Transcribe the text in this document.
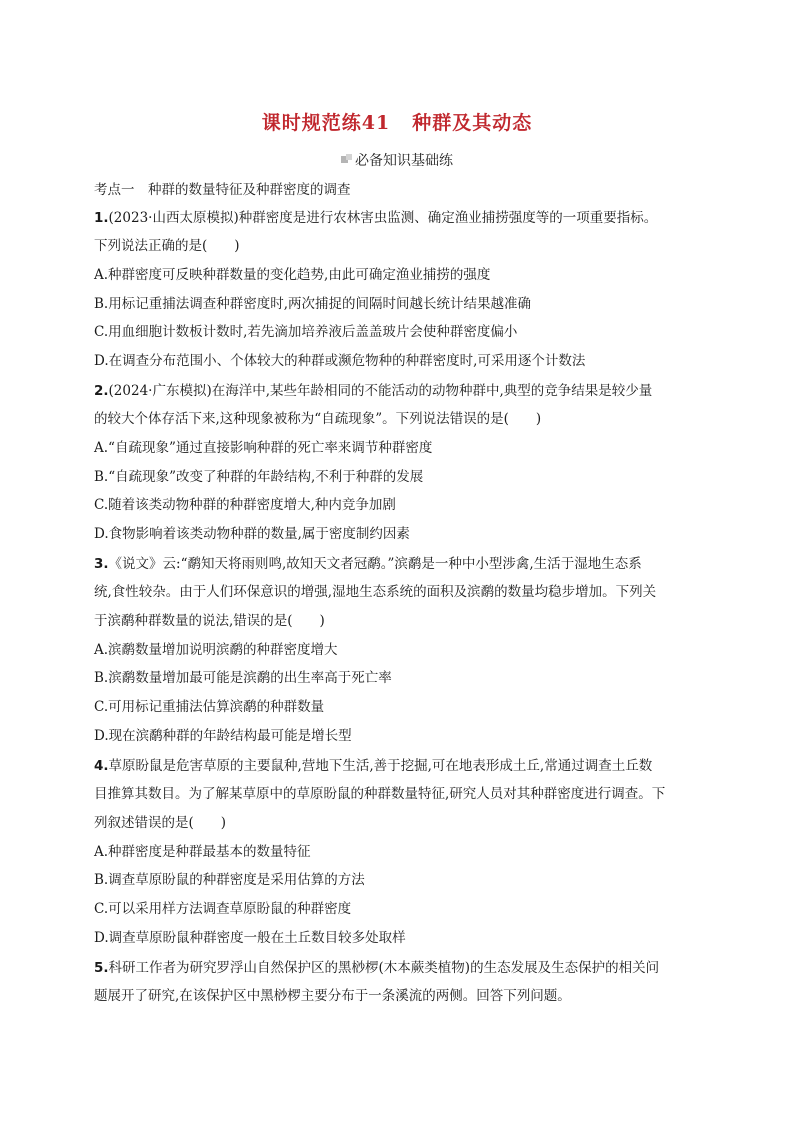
课时规范练41 种群及其动态
必备知识基础练
考点一　种群的数量特征及种群密度的调查
1.(2023·山西太原模拟)种群密度是进行农林害虫监测、确定渔业捕捞强度等的一项重要指标。
下列说法正确的是(　　)
A.种群密度可反映种群数量的变化趋势,由此可确定渔业捕捞的强度
B.用标记重捕法调查种群密度时,两次捕捉的间隔时间越长统计结果越准确
C.用血细胞计数板计数时,若先滴加培养液后盖盖玻片会使种群密度偏小
D.在调查分布范围小、个体较大的种群或濒危物种的种群密度时,可采用逐个计数法
2.(2024·广东模拟)在海洋中,某些年龄相同的不能活动的动物种群中,典型的竞争结果是较少量
的较大个体存活下来,这种现象被称为“自疏现象”。下列说法错误的是(　　)
A.“自疏现象”通过直接影响种群的死亡率来调节种群密度
B.“自疏现象”改变了种群的年龄结构,不利于种群的发展
C.随着该类动物种群的种群密度增大,种内竞争加剧
D.食物影响着该类动物种群的数量,属于密度制约因素
3.《说文》云:“鹬知天将雨则鸣,故知天文者冠鹬。”滨鹬是一种中小型涉禽,生活于湿地生态系
统,食性较杂。由于人们环保意识的增强,湿地生态系统的面积及滨鹬的数量均稳步增加。下列关
于滨鹬种群数量的说法,错误的是(　　)
A.滨鹬数量增加说明滨鹬的种群密度增大
B.滨鹬数量增加最可能是滨鹬的出生率高于死亡率
C.可用标记重捕法估算滨鹬的种群数量
D.现在滨鹬种群的年龄结构最可能是增长型
4.草原盼鼠是危害草原的主要鼠种,营地下生活,善于挖掘,可在地表形成土丘,常通过调查土丘数
目推算其数目。为了解某草原中的草原盼鼠的种群数量特征,研究人员对其种群密度进行调查。下
列叙述错误的是(　　)
A.种群密度是种群最基本的数量特征
B.调查草原盼鼠的种群密度是采用估算的方法
C.可以采用样方法调查草原盼鼠的种群密度
D.调查草原盼鼠种群密度一般在土丘数目较多处取样
5.科研工作者为研究罗浮山自然保护区的黑桫椤(木本蕨类植物)的生态发展及生态保护的相关问
题展开了研究,在该保护区中黑桫椤主要分布于一条溪流的两侧。回答下列问题。
